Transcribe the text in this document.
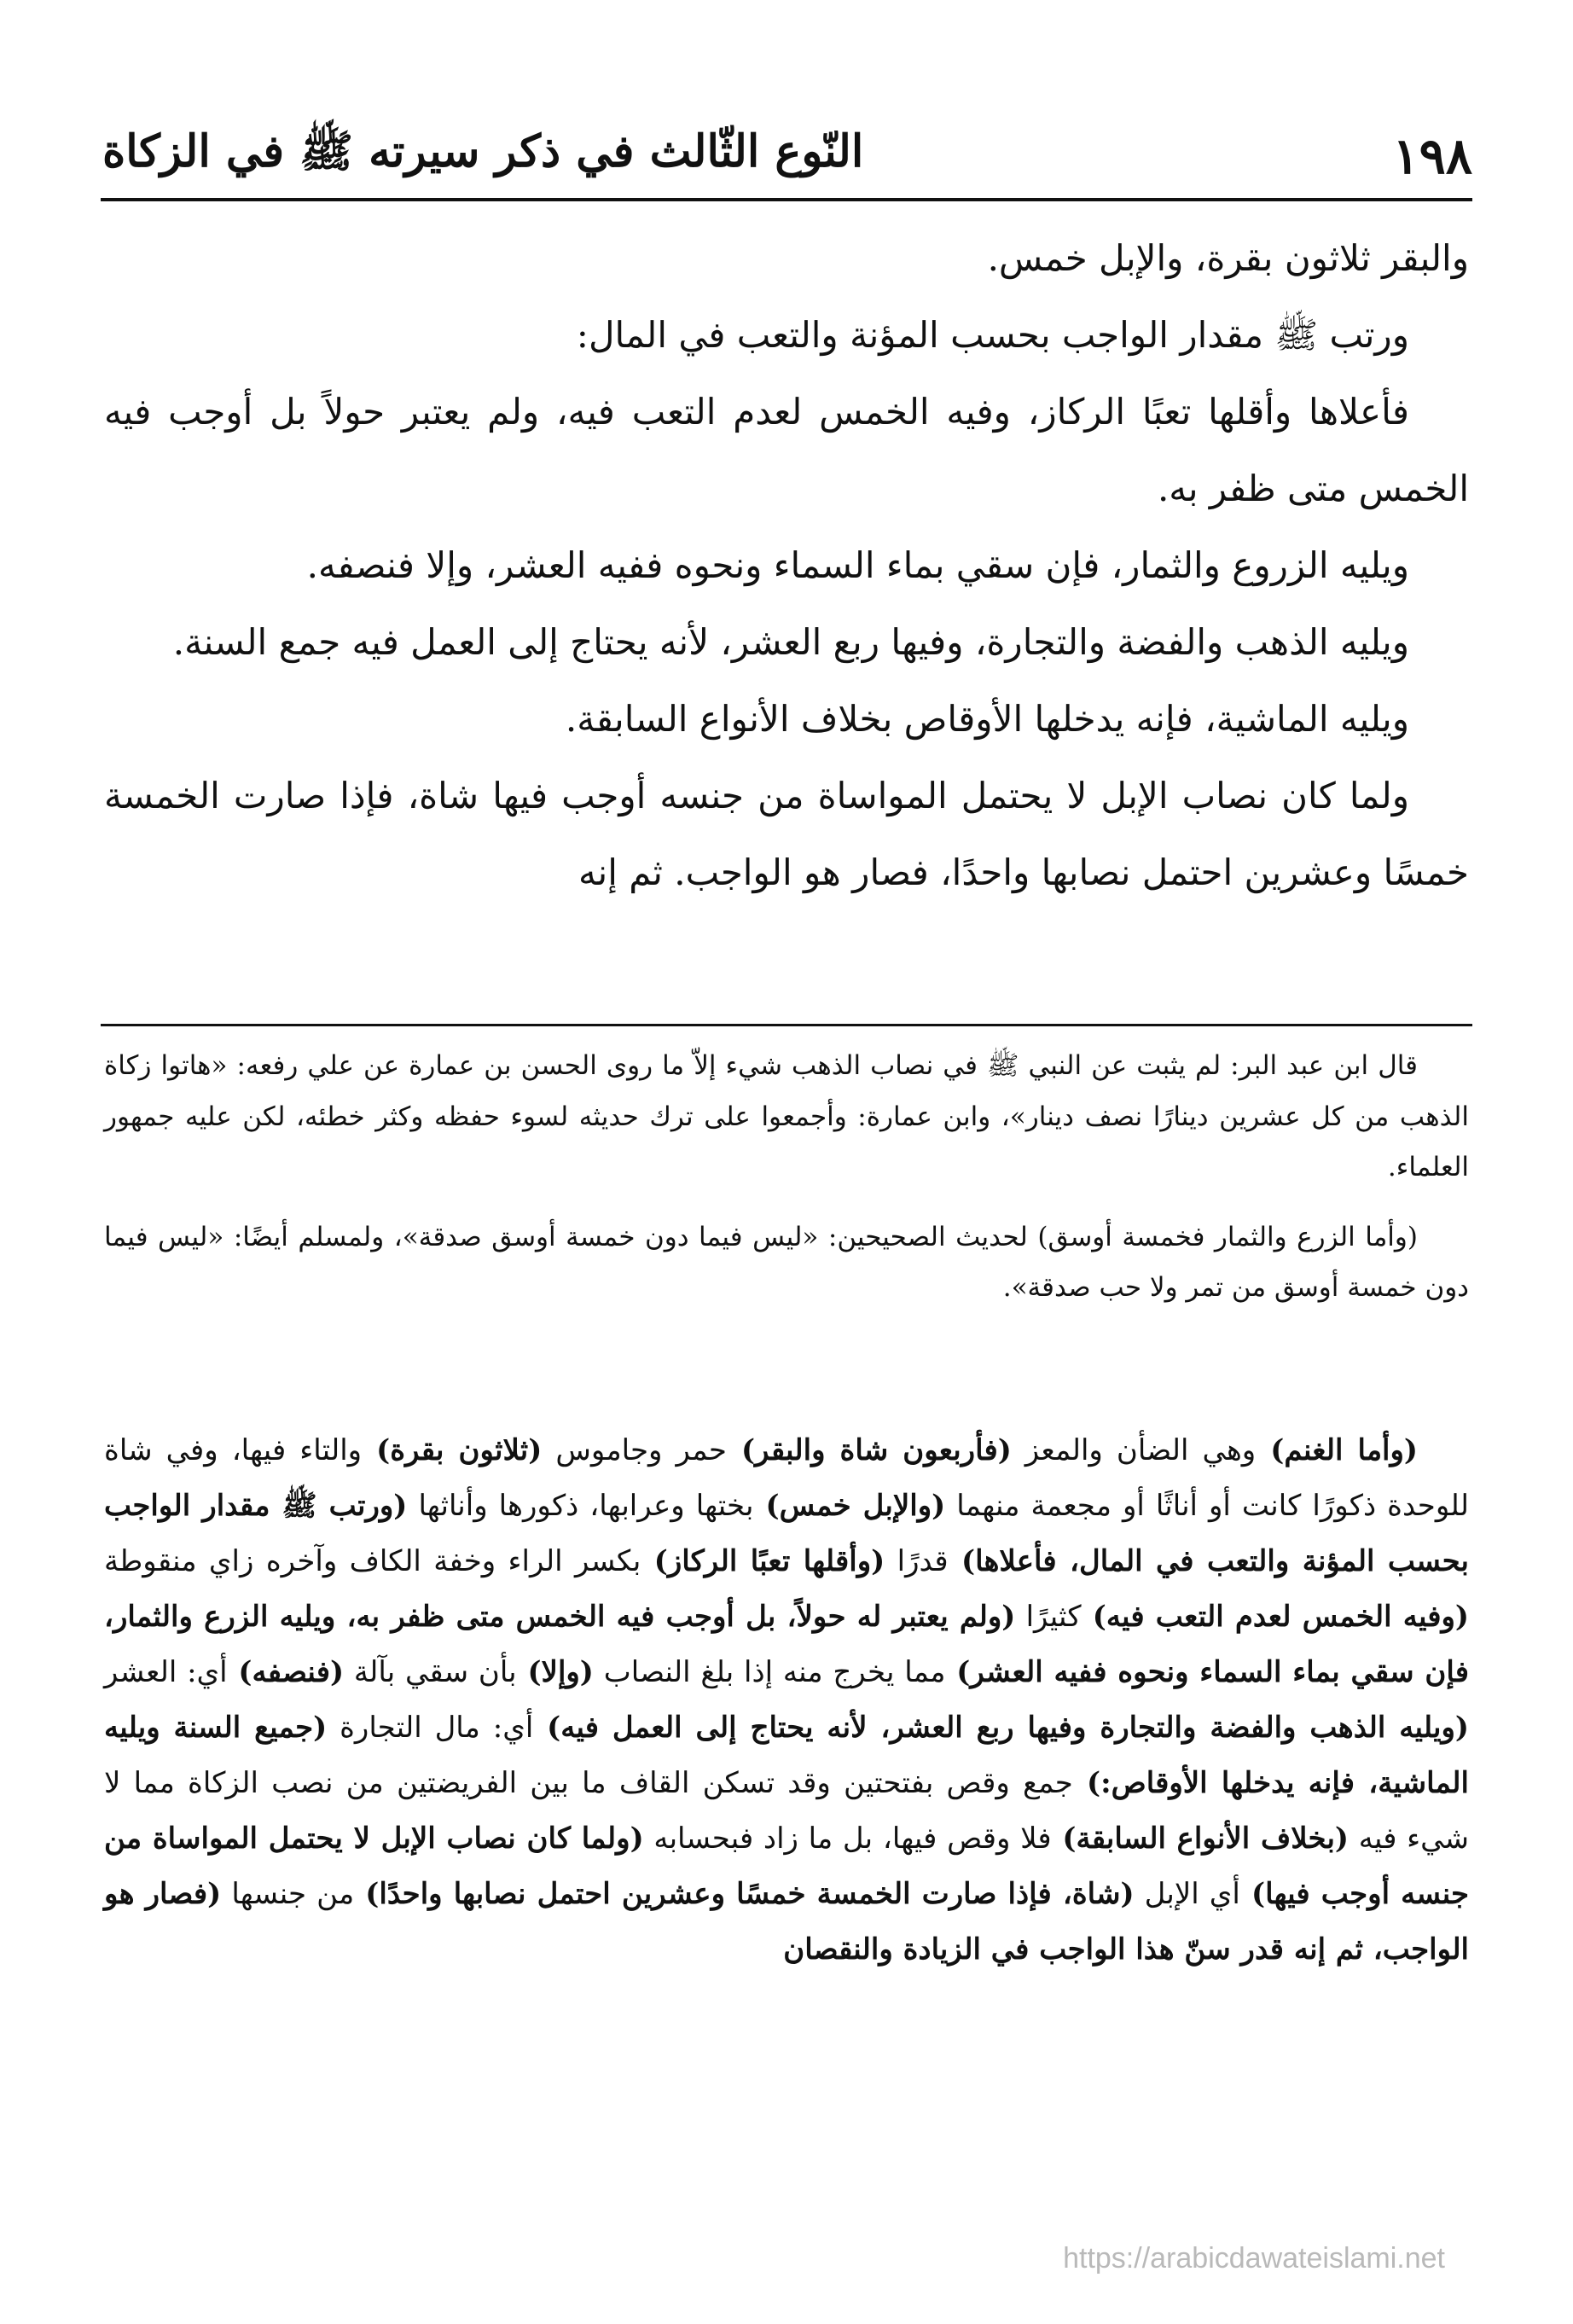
١٩٨
النّوع الثّالث في ذكر سيرته ﷺ في الزكاة

والبقر ثلاثون بقرة، والإبل خمس.

ورتب ﷺ مقدار الواجب بحسب المؤنة والتعب في المال:

فأعلاها وأقلها تعبًا الركاز، وفيه الخمس لعدم التعب فيه، ولم يعتبر حولاً بل أوجب فيه الخمس متى ظفر به.

ويليه الزروع والثمار، فإن سقي بماء السماء ونحوه ففيه العشر، وإلا فنصفه.

ويليه الذهب والفضة والتجارة، وفيها ربع العشر، لأنه يحتاج إلى العمل فيه جمع السنة.

ويليه الماشية، فإنه يدخلها الأوقاص بخلاف الأنواع السابقة.

ولما كان نصاب الإبل لا يحتمل المواساة من جنسه أوجب فيها شاة، فإذا صارت الخمسة خمسًا وعشرين احتمل نصابها واحدًا، فصار هو الواجب. ثم إنه

قال ابن عبد البر: لم يثبت عن النبي ﷺ في نصاب الذهب شيء إلاّ ما روى الحسن بن عمارة عن علي رفعه: «هاتوا زكاة الذهب من كل عشرين دينارًا نصف دينار»، وابن عمارة: وأجمعوا على ترك حديثه لسوء حفظه وكثر خطئه، لكن عليه جمهور العلماء.

(وأما الزرع والثمار فخمسة أوسق) لحديث الصحيحين: «ليس فيما دون خمسة أوسق صدقة»، ولمسلم أيضًا: «ليس فيما دون خمسة أوسق من تمر ولا حب صدقة».

(وأما الغنم) وهي الضأن والمعز (فأربعون شاة والبقر) حمر وجاموس (ثلاثون بقرة) والتاء فيها، وفي شاة للوحدة ذكورًا كانت أو أناثًا أو مجعمة منهما (والإبل خمس) بختها وعرابها، ذكورها وأناثها (ورتب ﷺ مقدار الواجب بحسب المؤنة والتعب في المال، فأعلاها) قدرًا (وأقلها تعبًا الركاز) بكسر الراء وخفة الكاف وآخره زاي منقوطة (وفيه الخمس لعدم التعب فيه) كثيرًا (ولم يعتبر له حولاً، بل أوجب فيه الخمس متى ظفر به، ويليه الزرع والثمار، فإن سقي بماء السماء ونحوه ففيه العشر) مما يخرج منه إذا بلغ النصاب (وإلا) بأن سقي بآلة (فنصفه) أي: العشر (ويليه الذهب والفضة والتجارة وفيها ربع العشر، لأنه يحتاج إلى العمل فيه) أي: مال التجارة (جميع السنة ويليه الماشية، فإنه يدخلها الأوقاص:) جمع وقص بفتحتين وقد تسكن القاف ما بين الفريضتين من نصب الزكاة مما لا شيء فيه (بخلاف الأنواع السابقة) فلا وقص فيها، بل ما زاد فبحسابه (ولما كان نصاب الإبل لا يحتمل المواساة من جنسه أوجب فيها) أي الإبل (شاة، فإذا صارت الخمسة خمسًا وعشرين احتمل نصابها واحدًا) من جنسها (فصار هو الواجب، ثم إنه قدر سنّ هذا الواجب في الزيادة والنقصان

https://arabicdawateislami.net
